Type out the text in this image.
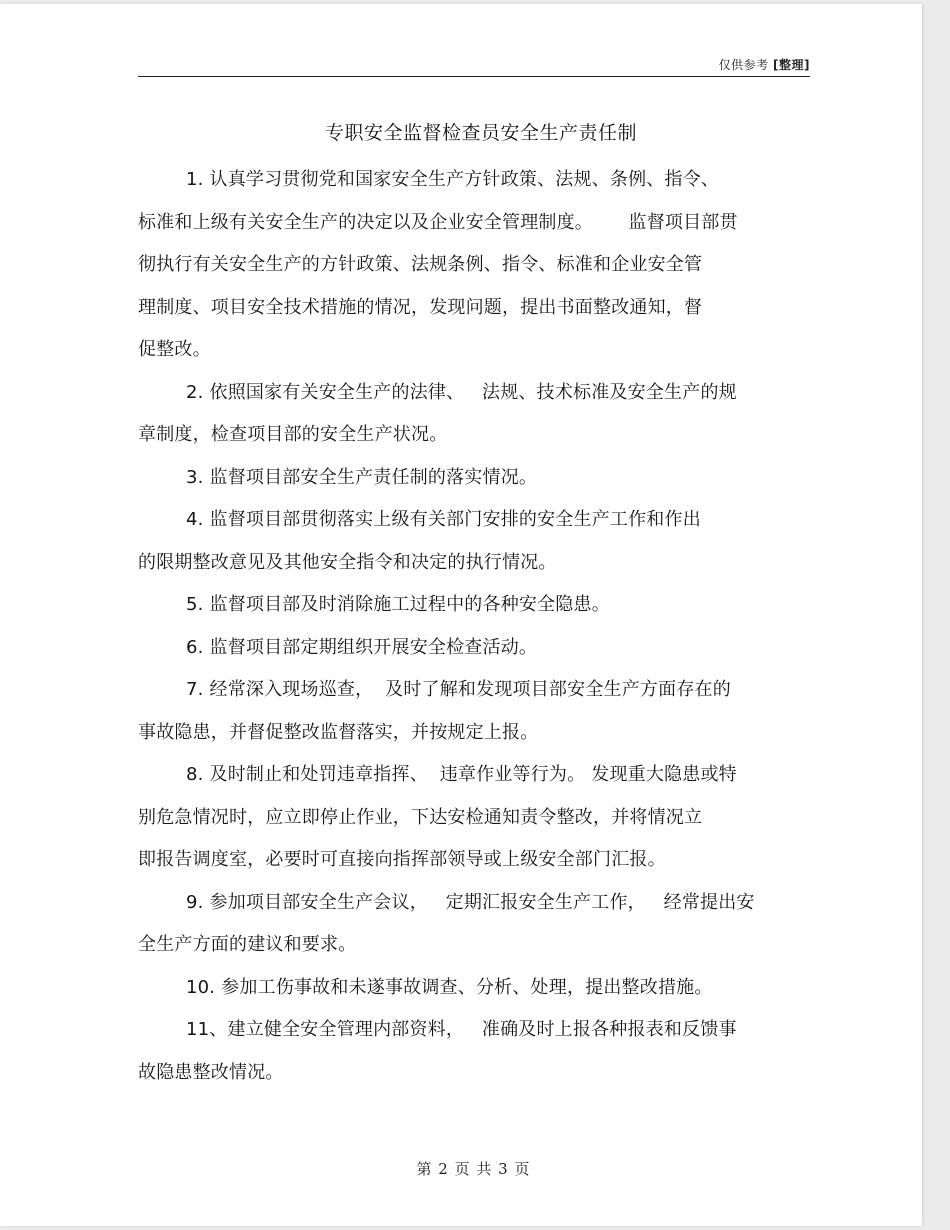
仅供参考 [整理]
专职安全监督检查员安全生产责任制
1. 认真学习贯彻党和国家安全生产方针政策、法规、条例、指令、
标准和上级有关安全生产的决定以及企业安全管理制度。      监督项目部贯
彻执行有关安全生产的方针政策、法规条例、指令、标准和企业安全管
理制度、项目安全技术措施的情况，发现问题，提出书面整改通知，督
促整改。
2. 依照国家有关安全生产的法律、   法规、技术标准及安全生产的规
章制度，检查项目部的安全生产状况。
3. 监督项目部安全生产责任制的落实情况。
4. 监督项目部贯彻落实上级有关部门安排的安全生产工作和作出
的限期整改意见及其他安全指令和决定的执行情况。
5. 监督项目部及时消除施工过程中的各种安全隐患。
6. 监督项目部定期组织开展安全检查活动。
7. 经常深入现场巡查，  及时了解和发现项目部安全生产方面存在的
事故隐患，并督促整改监督落实，并按规定上报。
8. 及时制止和处罚违章指挥、  违章作业等行为。 发现重大隐患或特
别危急情况时，应立即停止作业，下达安检通知责令整改，并将情况立
即报告调度室，必要时可直接向指挥部领导或上级安全部门汇报。
9. 参加项目部安全生产会议，   定期汇报安全生产工作，   经常提出安
全生产方面的建议和要求。
10. 参加工伤事故和未遂事故调查、分析、处理，提出整改措施。
11、建立健全安全管理内部资料，   准确及时上报各种报表和反馈事
故隐患整改情况。
第 2 页 共 3 页
